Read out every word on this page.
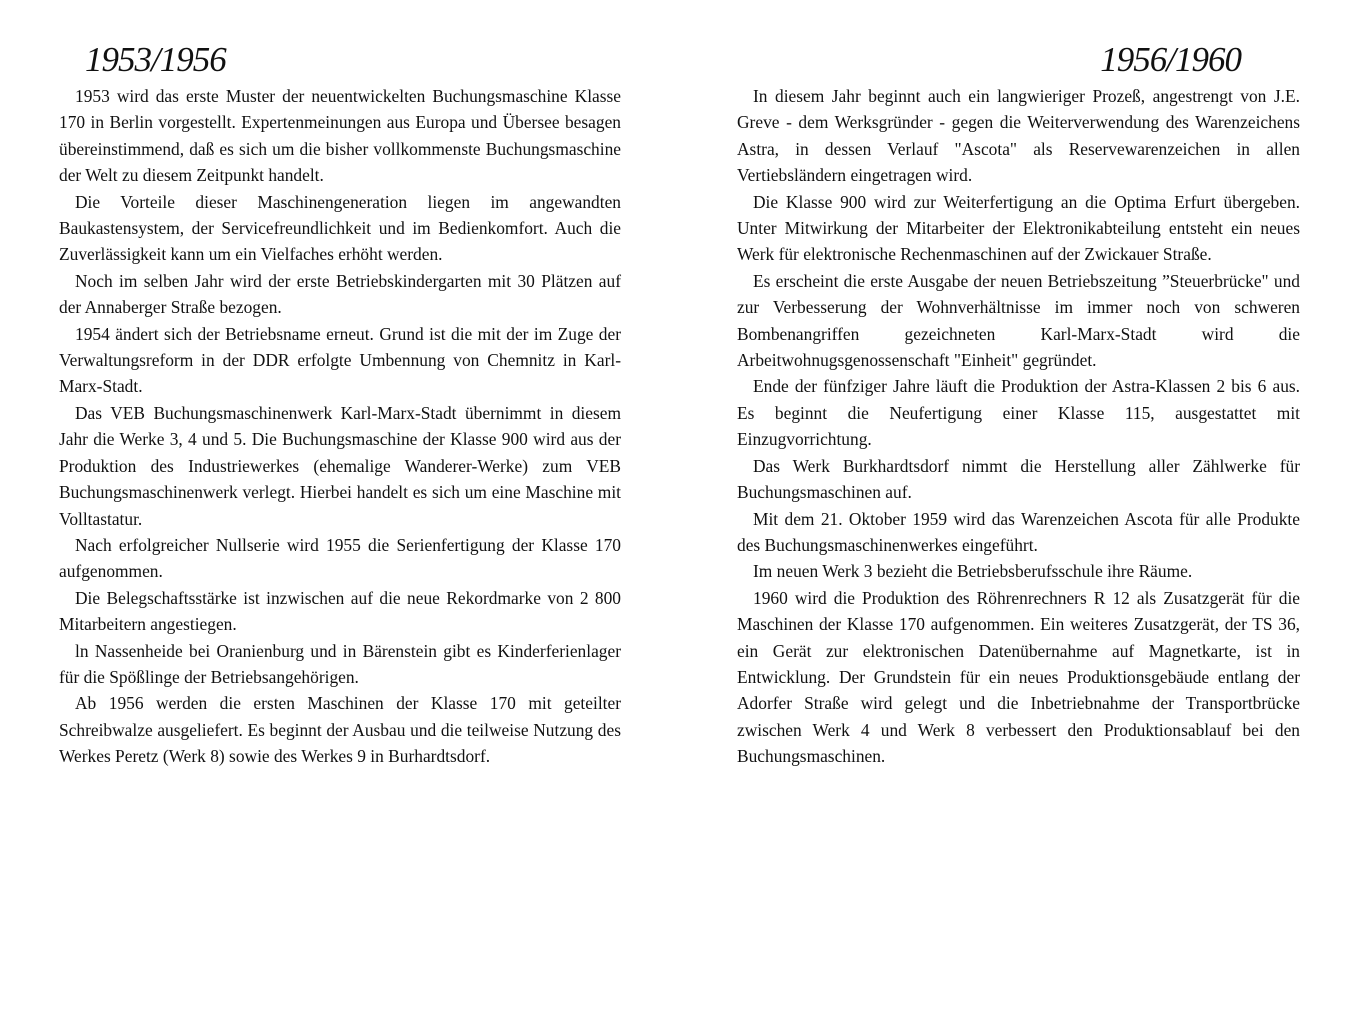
1953/1956

1953 wird das erste Muster der neuentwickelten Buchungsmaschine Klasse 170 in Berlin vorgestellt. Expertenmeinungen aus Europa und Übersee besagen übereinstimmend, daß es sich um die bisher vollkommenste Buchungsmaschine der Welt zu diesem Zeitpunkt handelt.

Die Vorteile dieser Maschinengeneration liegen im angewandten Baukastensystem, der Servicefreundlichkeit und im Bedienkomfort. Auch die Zuverlässigkeit kann um ein Vielfaches erhöht werden.

Noch im selben Jahr wird der erste Betriebskindergarten mit 30 Plätzen auf der Annaberger Straße bezogen.

1954 ändert sich der Betriebsname erneut. Grund ist die mit der im Zuge der Verwaltungsreform in der DDR erfolgte Umbennung von Chemnitz in Karl-Marx-Stadt.

Das VEB Buchungsmaschinenwerk Karl-Marx-Stadt übernimmt in diesem Jahr die Werke 3, 4 und 5. Die Buchungsmaschine der Klasse 900 wird aus der Produktion des Industriewerkes (ehemalige Wanderer-Werke) zum VEB Buchungsmaschinenwerk verlegt. Hierbei handelt es sich um eine Maschine mit Volltastatur.

Nach erfolgreicher Nullserie wird 1955 die Serienfertigung der Klasse 170 aufgenommen.

Die Belegschaftsstärke ist inzwischen auf die neue Rekordmarke von 2 800 Mitarbeitern angestiegen.

ln Nassenheide bei Oranienburg und in Bärenstein gibt es Kinderferienlager für die Spößlinge der Betriebsangehörigen.

Ab 1956 werden die ersten Maschinen der Klasse 170 mit geteilter Schreibwalze ausgeliefert. Es beginnt der Ausbau und die teilweise Nutzung des Werkes Peretz (Werk 8) sowie des Werkes 9 in Burhardtsdorf.

1956/1960

In diesem Jahr beginnt auch ein langwieriger Prozeß, angestrengt von J.E. Greve - dem Werksgründer - gegen die Weiterverwendung des Warenzeichens Astra, in dessen Verlauf "Ascota" als Reservewarenzeichen in allen Vertiebsländern eingetragen wird.

Die Klasse 900 wird zur Weiterfertigung an die Optima Erfurt übergeben. Unter Mitwirkung der Mitarbeiter der Elektronikabteilung entsteht ein neues Werk für elektronische Rechenmaschinen auf der Zwickauer Straße.

Es erscheint die erste Ausgabe der neuen Betriebszeitung ”Steuerbrücke" und zur Verbesserung der Wohnverhältnisse im immer noch von schweren Bombenangriffen gezeichneten Karl-Marx-Stadt wird die Arbeitwohnugsgenossenschaft "Einheit" gegründet.

Ende der fünfziger Jahre läuft die Produktion der Astra-Klassen 2 bis 6 aus. Es beginnt die Neufertigung einer Klasse 115, ausgestattet mit Einzugvorrichtung.

Das Werk Burkhardtsdorf nimmt die Herstellung aller Zählwerke für Buchungsmaschinen auf.

Mit dem 21. Oktober 1959 wird das Warenzeichen Ascota für alle Produkte des Buchungsmaschinenwerkes eingeführt.

Im neuen Werk 3 bezieht die Betriebsberufsschule ihre Räume.

1960 wird die Produktion des Röhrenrechners R 12 als Zusatzgerät für die Maschinen der Klasse 170 aufgenommen. Ein weiteres Zusatzgerät, der TS 36, ein Gerät zur elektronischen Datenübernahme auf Magnetkarte, ist in Entwicklung. Der Grundstein für ein neues Produktionsgebäude entlang der Adorfer Straße wird gelegt und die Inbetriebnahme der Transportbrücke zwischen Werk 4 und Werk 8 verbessert den Produktionsablauf bei den Buchungsmaschinen.
